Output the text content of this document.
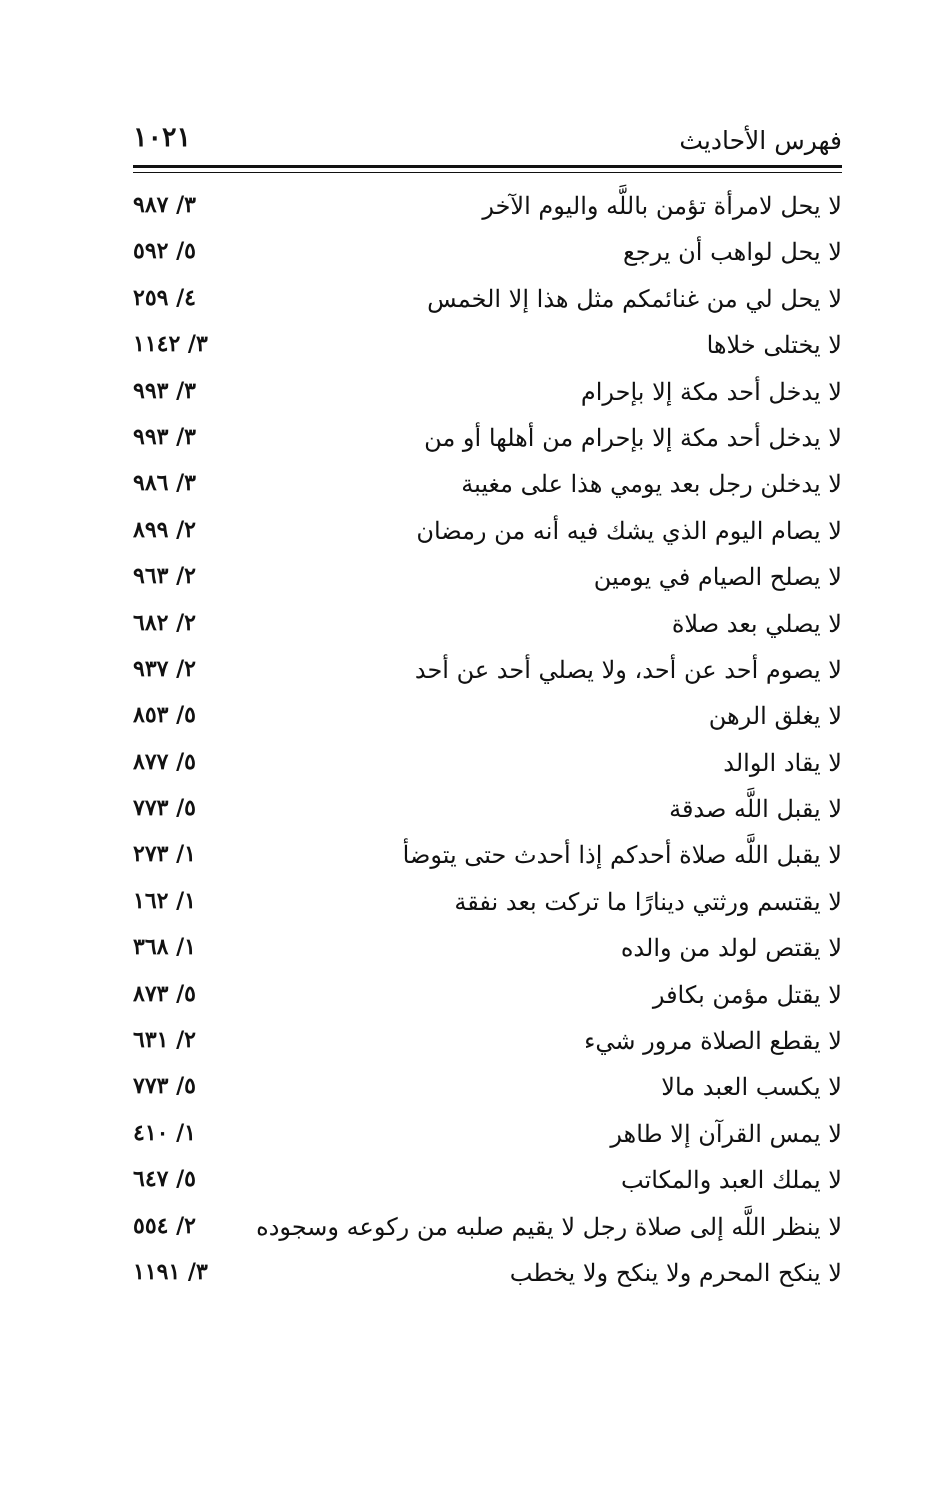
فهرس الأحاديث
١٠٢١
لا يحل لامرأة تؤمن باللَّه واليوم الآخر
٣/ ٩٨٧
لا يحل لواهب أن يرجع
٥/ ٥٩٢
لا يحل لي من غنائمكم مثل هذا إلا الخمس
٤/ ٢٥٩
لا يختلى خلاها
٣/ ١١٤٢
لا يدخل أحد مكة إلا بإحرام
٣/ ٩٩٣
لا يدخل أحد مكة إلا بإحرام من أهلها أو من
٣/ ٩٩٣
لا يدخلن رجل بعد يومي هذا على مغيبة
٣/ ٩٨٦
لا يصام اليوم الذي يشك فيه أنه من رمضان
٢/ ٨٩٩
لا يصلح الصيام في يومين
٢/ ٩٦٣
لا يصلي بعد صلاة
٢/ ٦٨٢
لا يصوم أحد عن أحد، ولا يصلي أحد عن أحد
٢/ ٩٣٧
لا يغلق الرهن
٥/ ٨٥٣
لا يقاد الوالد
٥/ ٨٧٧
لا يقبل اللَّه صدقة
٥/ ٧٧٣
لا يقبل اللَّه صلاة أحدكم إذا أحدث حتى يتوضأ
١/ ٢٧٣
لا يقتسم ورثتي دينارًا ما تركت بعد نفقة
١/ ١٦٢
لا يقتص لولد من والده
١/ ٣٦٨
لا يقتل مؤمن بكافر
٥/ ٨٧٣
لا يقطع الصلاة مرور شيء
٢/ ٦٣١
لا يكسب العبد مالا
٥/ ٧٧٣
لا يمس القرآن إلا طاهر
١/ ٤١٠
لا يملك العبد والمكاتب
٥/ ٦٤٧
لا ينظر اللَّه إلى صلاة رجل لا يقيم صلبه من ركوعه وسجوده
٢/ ٥٥٤
لا ينكح المحرم ولا ينكح ولا يخطب
٣/ ١١٩١
